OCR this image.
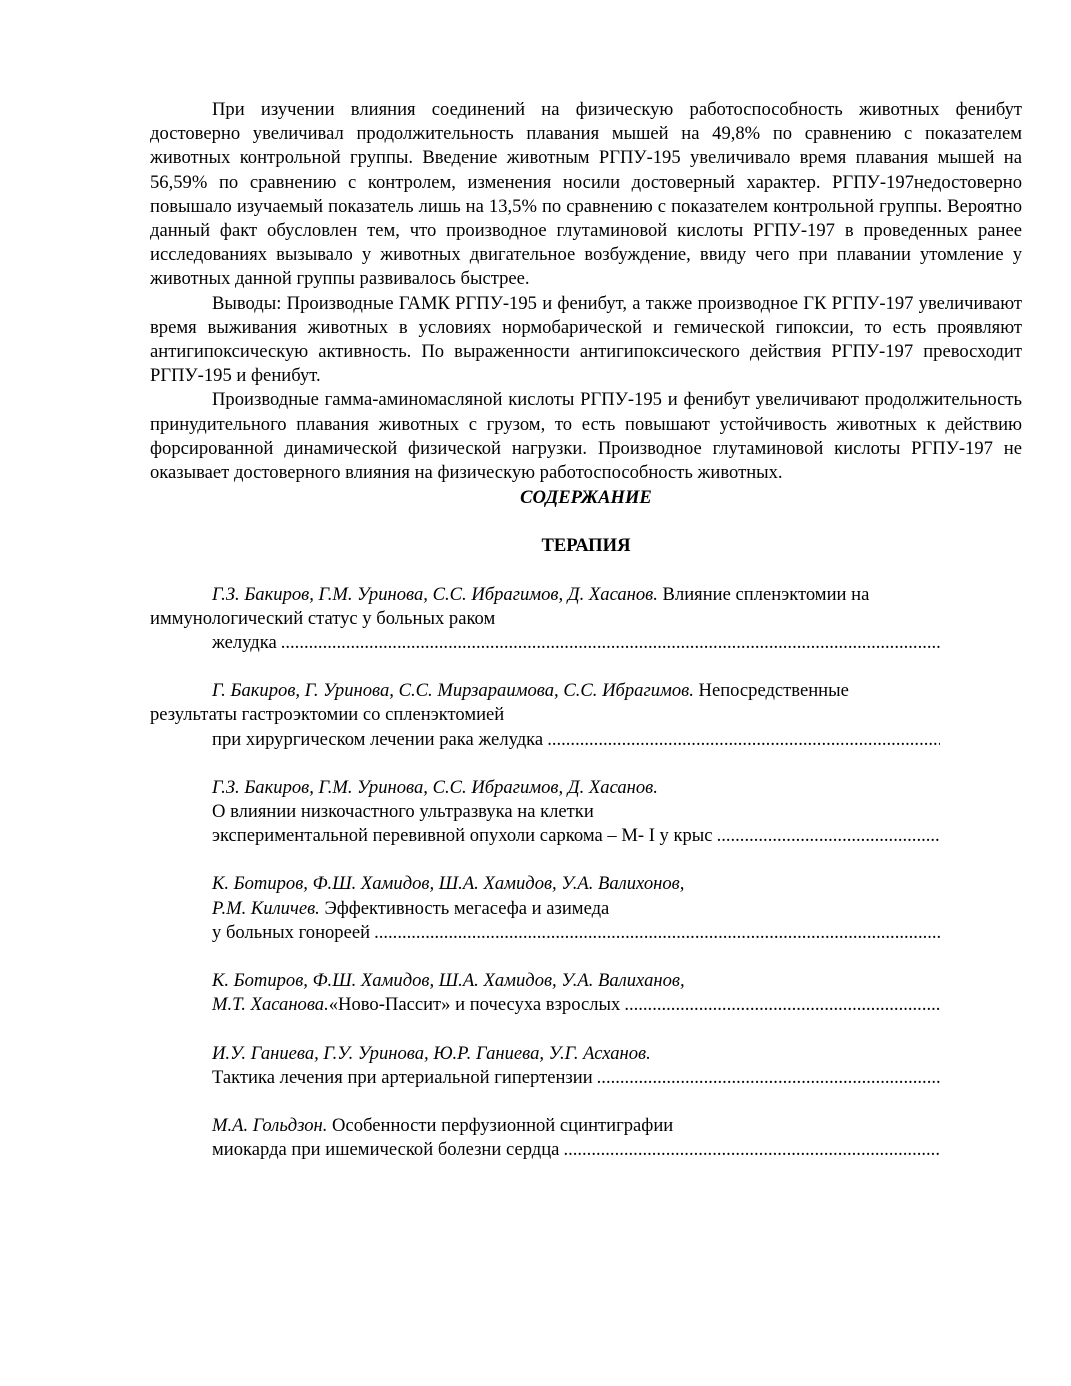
При изучении влияния соединений на физическую работоспособность животных фенибут достоверно увеличивал продолжительность плавания мышей на 49,8% по сравнению с показателем животных контрольной группы. Введение животным РГПУ-195 увеличивало время плавания мышей на 56,59% по сравнению с контролем, изменения носили достоверный характер. РГПУ-197недостоверно повышало изучаемый показатель лишь на 13,5% по сравнению с показателем контрольной группы. Вероятно данный факт обусловлен тем, что производное глутаминовой кислоты РГПУ-197 в проведенных ранее исследованиях вызывало у животных двигательное возбуждение, ввиду чего при плавании утомление у животных данной группы развивалось быстрее.

Выводы: Производные ГАМК РГПУ-195 и фенибут, а также производное ГК РГПУ-197 увеличивают время выживания животных в условиях нормобарической и гемической гипоксии, то есть проявляют антигипоксическую активность. По выраженности антигипоксического действия РГПУ-197 превосходит РГПУ-195 и фенибут.

Производные гамма-аминомасляной кислоты РГПУ-195 и фенибут увеличивают продолжительность принудительного плавания животных с грузом, то есть повышают устойчивость животных к действию форсированной динамической физической нагрузки. Производное глутаминовой кислоты РГПУ-197 не оказывает достоверного влияния на физическую работоспособность животных.

СОДЕРЖАНИЕ

ТЕРАПИЯ

Г.З. Бакиров, Г.М. Уринова, С.С. Ибрагимов, Д. Хасанов. Влияние спленэктомии на
иммунологический статус у больных раком
желудка
.....
Г. Бакиров, Г. Уринова, С.С. Мирзараимова, С.С. Ибрагимов. Непосредственные
результаты гастроэктомии со спленэктомией
при хирургическом лечении рака желудка
.....
Г.З. Бакиров, Г.М. Уринова, С.С. Ибрагимов, Д. Хасанов.
О влиянии низкочастного ультразвука на клетки
экспериментальной перевивной опухоли саркома – М- I у крыс
.....
К. Ботиров, Ф.Ш. Хамидов, Ш.А. Хамидов, У.А. Валихонов,
Р.М. Киличев. Эффективность мегасефа и азимеда
у больных гонореей
.....
К. Ботиров, Ф.Ш. Хамидов, Ш.А. Хамидов, У.А. Валиханов,
М.Т. Хасанова. «Ново-Пассит» и почесуха взрослых
.....
И.У. Ганиева, Г.У. Уринова, Ю.Р. Ганиева, У.Г. Асханов.
Тактика лечения при артериальной гипертензии
.....
М.А. Гольдзон. Особенности перфузионной сцинтиграфии
миокарда при ишемической болезни сердца
.....
